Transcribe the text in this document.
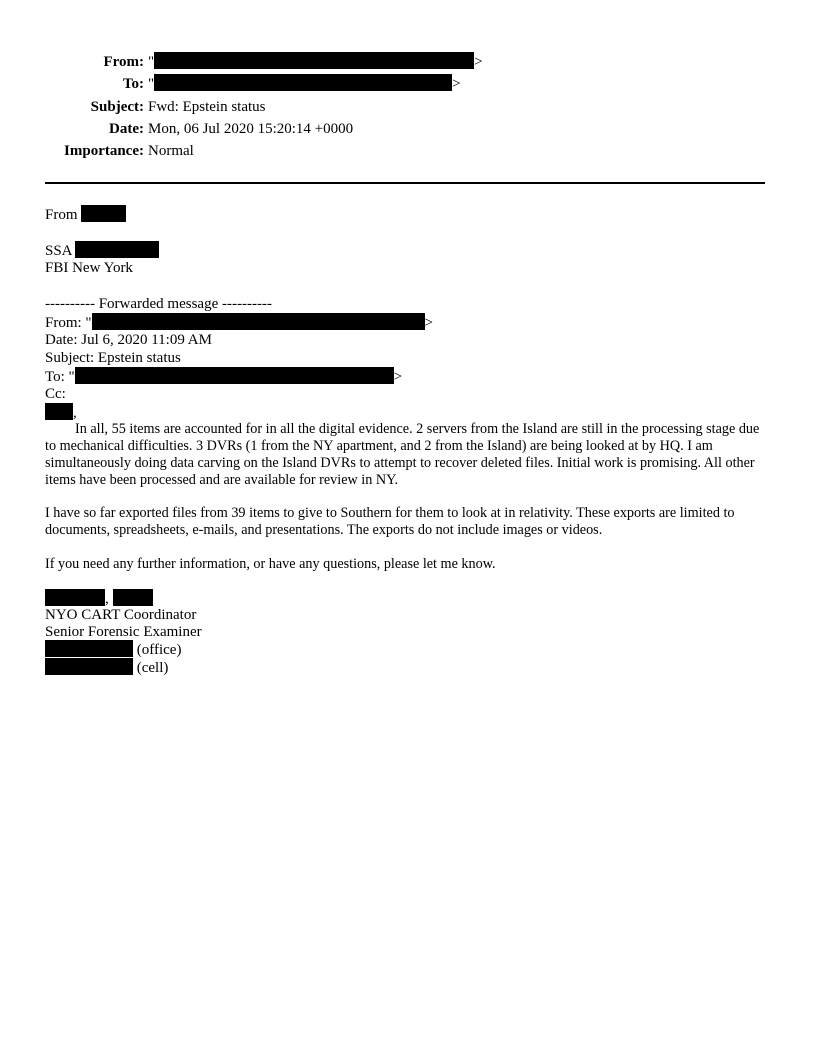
From: "	>
To: "	>
Subject: Fwd: Epstein status
Date: Mon, 06 Jul 2020 15:20:14 +0000
Importance: Normal
From
SSA
FBI New York
---------- Forwarded message ----------
From: "	>
Date: Jul 6, 2020 11:09 AM
Subject: Epstein status
To: "	>
Cc:
,
In all, 55 items are accounted for in all the digital evidence. 2 servers from the Island are still in the processing stage due to mechanical difficulties. 3 DVRs (1 from the NY apartment, and 2 from the Island) are being looked at by HQ. I am simultaneously doing data carving on the Island DVRs to attempt to recover deleted files. Initial work is promising. All other items have been processed and are available for review in NY.
I have so far exported files from 39 items to give to Southern for them to look at in relativity. These exports are limited to documents, spreadsheets, e-mails, and presentations. The exports do not include images or videos.
If you need any further information, or have any questions, please let me know.
,
NYO CART Coordinator
Senior Forensic Examiner
(office)
(cell)
